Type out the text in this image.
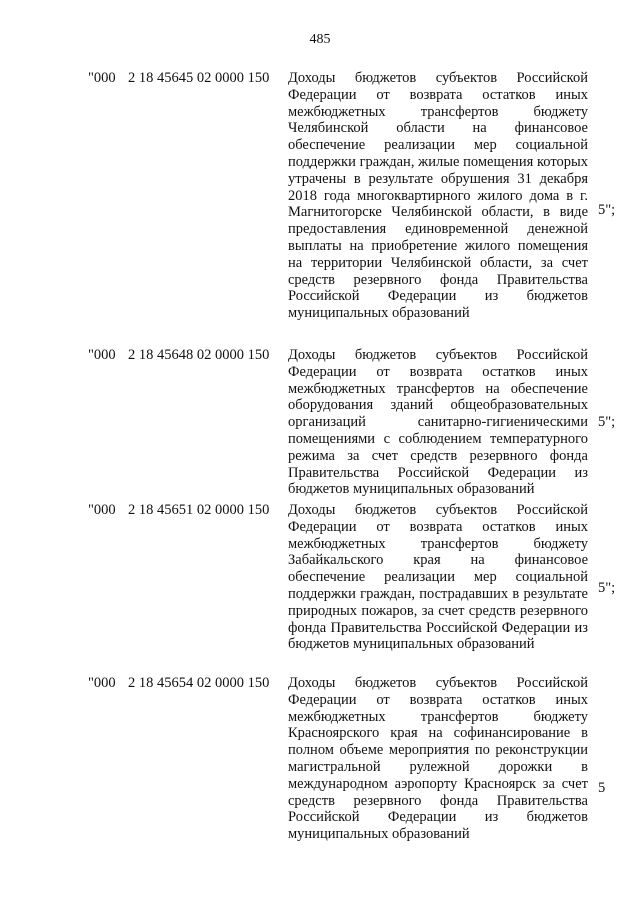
485
"000 2 18 45645 02 0000 150 Доходы бюджетов субъектов Российской Федерации от возврата остатков иных межбюджетных трансфертов бюджету Челябинской области на финансовое обеспечение реализации мер социальной поддержки граждан, жилые помещения которых утрачены в результате обрушения 31 декабря 2018 года многоквартирного жилого дома в г. Магнитогорске Челябинской области, в виде предоставления единовременной денежной выплаты на приобретение жилого помещения на территории Челябинской области, за счет средств резервного фонда Правительства Российской Федерации из бюджетов муниципальных образований
5";
"000 2 18 45648 02 0000 150 Доходы бюджетов субъектов Российской Федерации от возврата остатков иных межбюджетных трансфертов на обеспечение оборудования зданий общеобразовательных организаций санитарно-гигиеническими помещениями с соблюдением температурного режима за счет средств резервного фонда Правительства Российской Федерации из бюджетов муниципальных образований
5";
"000 2 18 45651 02 0000 150 Доходы бюджетов субъектов Российской Федерации от возврата остатков иных межбюджетных трансфертов бюджету Забайкальского края на финансовое обеспечение реализации мер социальной поддержки граждан, пострадавших в результате природных пожаров, за счет средств резервного фонда Правительства Российской Федерации из бюджетов муниципальных образований
5";
"000 2 18 45654 02 0000 150 Доходы бюджетов субъектов Российской Федерации от возврата остатков иных межбюджетных трансфертов бюджету Красноярского края на софинансирование в полном объеме мероприятия по реконструкции магистральной рулежной дорожки в международном аэропорту Красноярск за счет средств резервного фонда Правительства Российской Федерации из бюджетов муниципальных образований
5
